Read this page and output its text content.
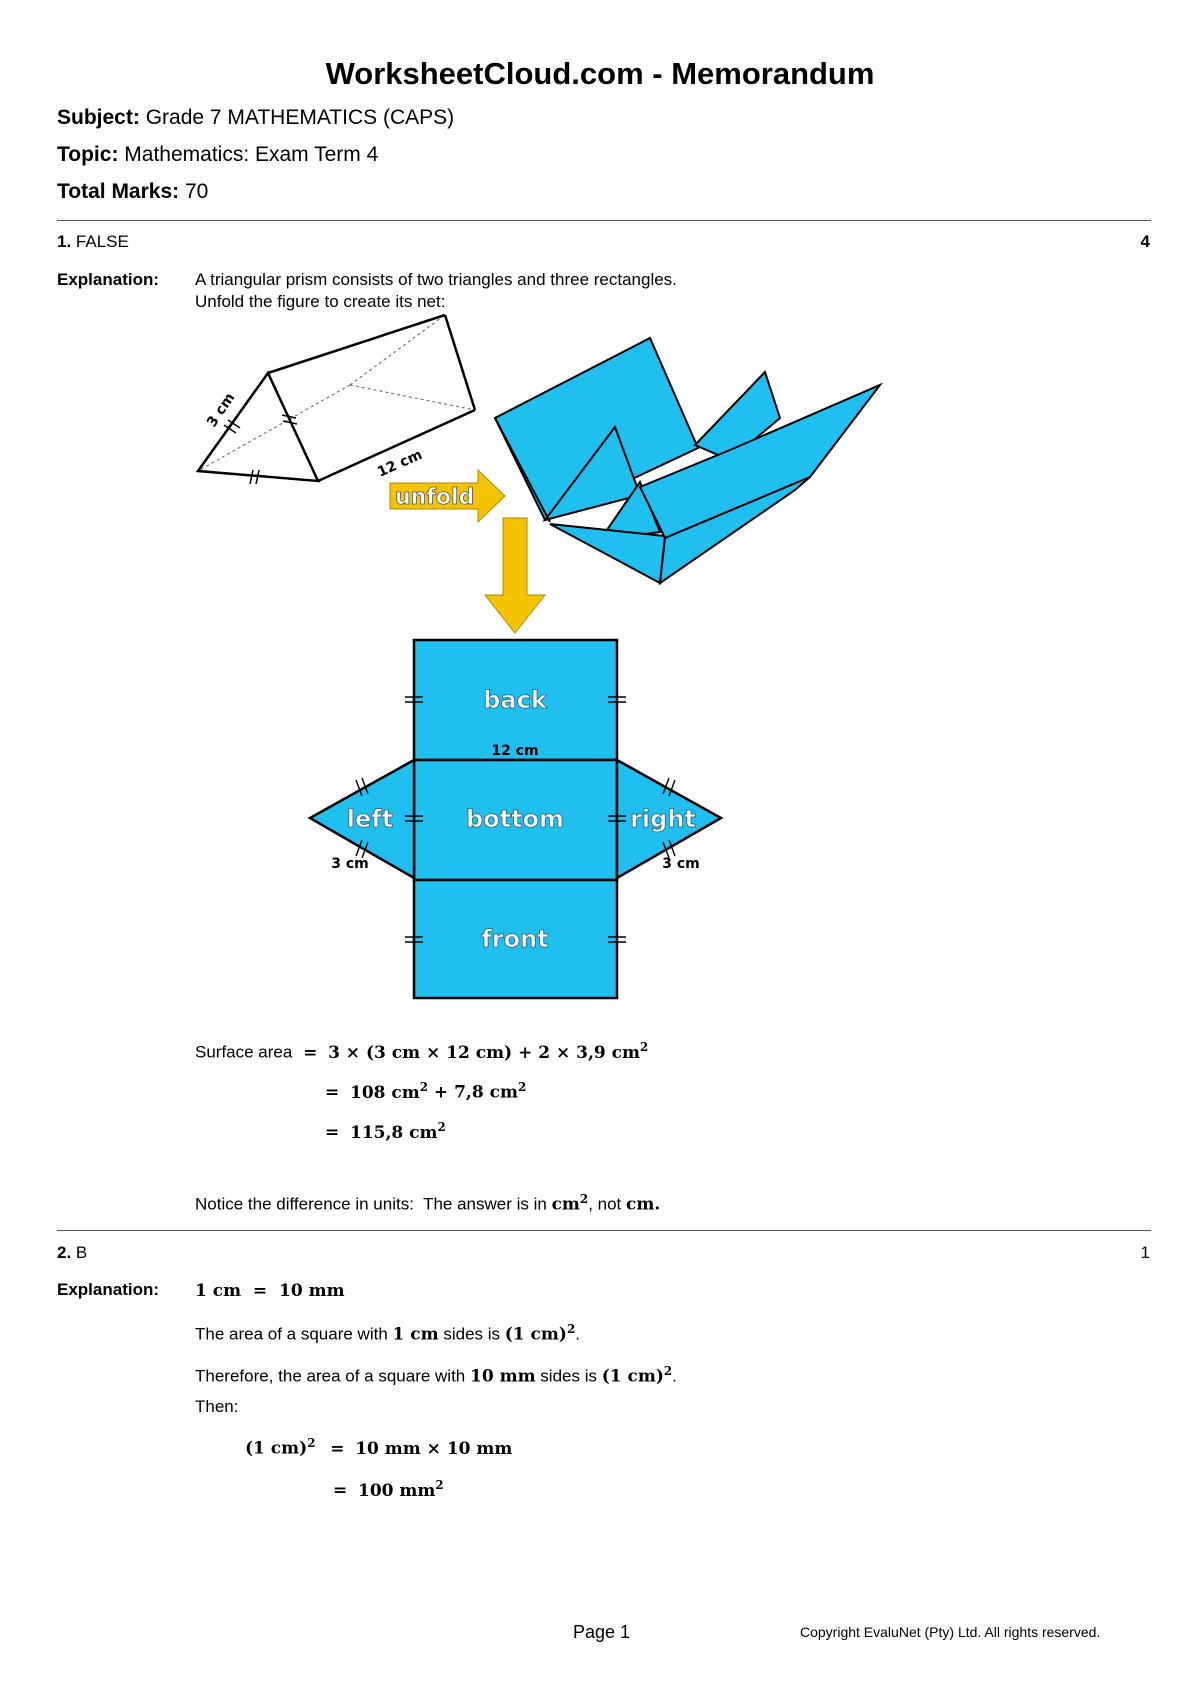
WorksheetCloud.com - Memorandum
Subject: Grade 7 MATHEMATICS (CAPS)
Topic: Mathematics: Exam Term 4
Total Marks: 70
1. FALSE	4
Explanation: A triangular prism consists of two triangles and three rectangles.
Unfold the figure to create its net:
3 cm
12 cm
unfold
back
bottom
front
left	right
12 cm
3 cm	3 cm
Surface area = 3 × (3 cm × 12 cm) + 2 × 3,9 $cm^2$
= 108 $cm^2 + 7,8$ $cm^2$
= 115,8 $cm^2$
Notice the difference in units:  The answer is in $cm^2$, not cm.
2. B	1
Explanation: 1 cm  =  10 mm
The area of a square with 1 cm sides is (1 cm)$^2$.
Therefore, the area of a square with 10 mm sides is (1 cm)$^2$.
Then:
(1 cm)$^2$ = 10 mm × 10 mm
= 100 $mm^2$
Page 1	Copyright EvaluNet (Pty) Ltd. All rights reserved.
